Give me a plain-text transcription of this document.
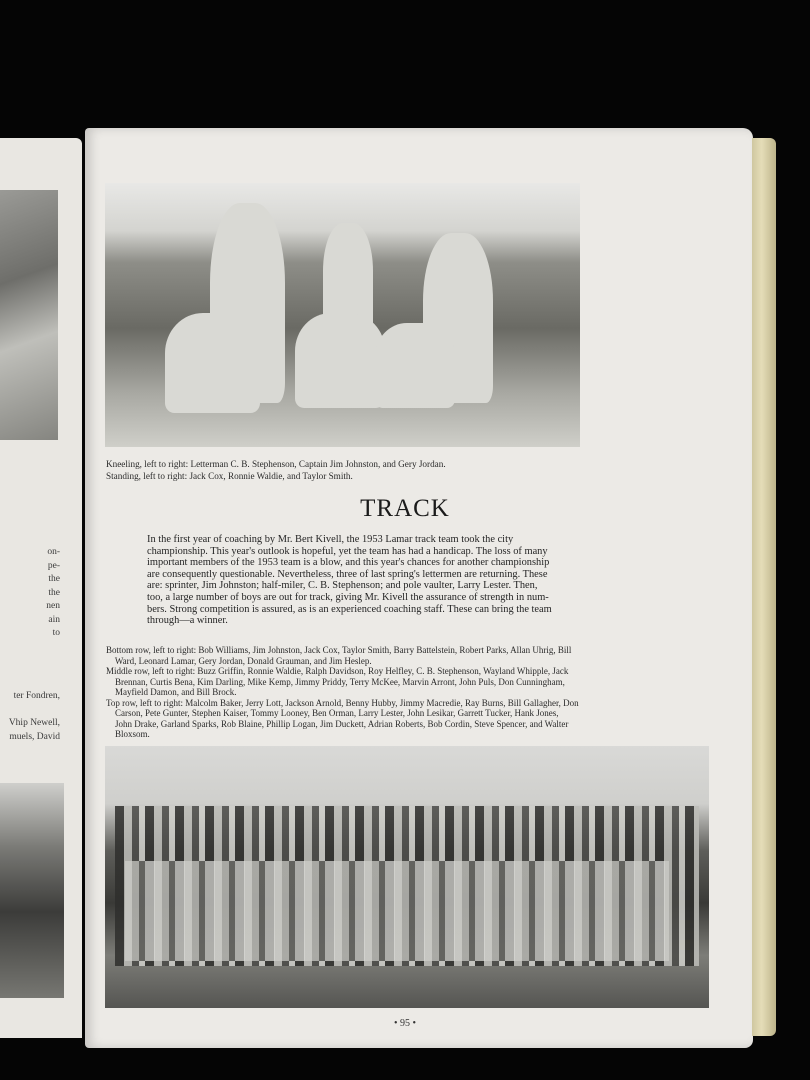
on-
pe-
the
the
nen
ain
to
ter Fondren,

Vhip Newell,
muels, David
Kneeling, left to right: Letterman C. B. Stephenson, Captain Jim Johnston, and Gery Jordan.
Standing, left to right: Jack Cox, Ronnie Waldie, and Taylor Smith.
TRACK
In the first year of coaching by Mr. Bert Kivell, the 1953 Lamar track team took the city
championship. This year's outlook is hopeful, yet the team has had a handicap. The loss of many
important members of the 1953 team is a blow, and this year's chances for another championship
are consequently questionable. Nevertheless, three of last spring's lettermen are returning. These
are: sprinter, Jim Johnston; half-miler, C. B. Stephenson; and pole vaulter, Larry Lester. Then,
too, a large number of boys are out for track, giving Mr. Kivell the assurance of strength in num-
bers. Strong competition is assured, as is an experienced coaching staff. These can bring the team
through—a winner.
Bottom row, left to right: Bob Williams, Jim Johnston, Jack Cox, Taylor Smith, Barry Battelstein, Robert Parks, Allan Uhrig, Bill
Ward, Leonard Lamar, Gery Jordan, Donald Grauman, and Jim Heslep.
Middle row, left to right: Buzz Griffin, Ronnie Waldie, Ralph Davidson, Roy Helfley, C. B. Stephenson, Wayland Whipple, Jack
Brennan, Curtis Bena, Kim Darling, Mike Kemp, Jimmy Priddy, Terry McKee, Marvin Arront, John Puls, Don Cunningham,
Mayfield Damon, and Bill Brock.
Top row, left to right: Malcolm Baker, Jerry Lott, Jackson Arnold, Benny Hubby, Jimmy Macredie, Ray Burns, Bill Gallagher, Don
Carson, Pete Gunter, Stephen Kaiser, Tommy Looney, Ben Orman, Larry Lester, John Lesikar, Garrett Tucker, Hank Jones,
John Drake, Garland Sparks, Rob Blaine, Phillip Logan, Jim Duckett, Adrian Roberts, Bob Cordin, Steve Spencer, and Walter
Bloxsom.
• 95 •
